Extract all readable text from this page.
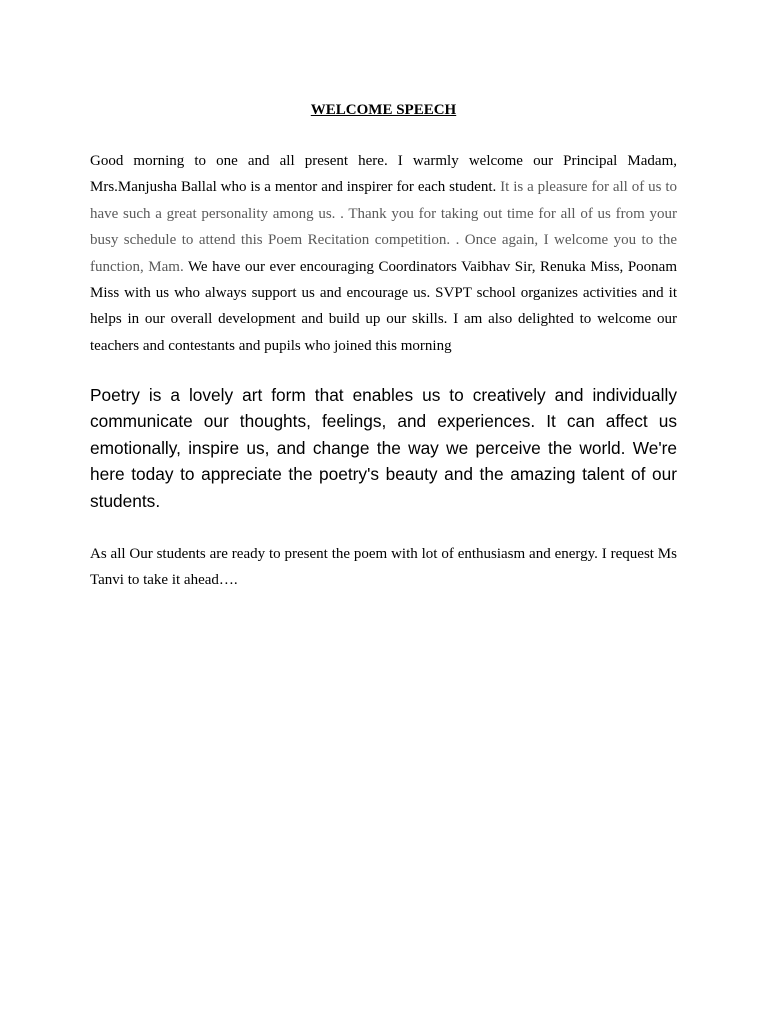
WELCOME SPEECH

Good morning to one and all present here. I warmly welcome our Principal Madam, Mrs.Manjusha Ballal who is a mentor and inspirer for each student. It is a pleasure for all of us to have such a great personality among us. . Thank you for taking out time for all of us from your busy schedule to attend this Poem Recitation competition. . Once again, I welcome you to the function, Mam. We have our ever encouraging Coordinators Vaibhav Sir, Renuka Miss, Poonam Miss with us who always support us and encourage us. SVPT school organizes activities and it helps in our overall development and build up our skills. I am also delighted to welcome our teachers and contestants and pupils who joined this morning

Poetry is a lovely art form that enables us to creatively and individually communicate our thoughts, feelings, and experiences. It can affect us emotionally, inspire us, and change the way we perceive the world. We're here today to appreciate the poetry's beauty and the amazing talent of our students.

As all Our students are ready to present the poem with lot of enthusiasm and energy. I request Ms Tanvi to take it ahead….
